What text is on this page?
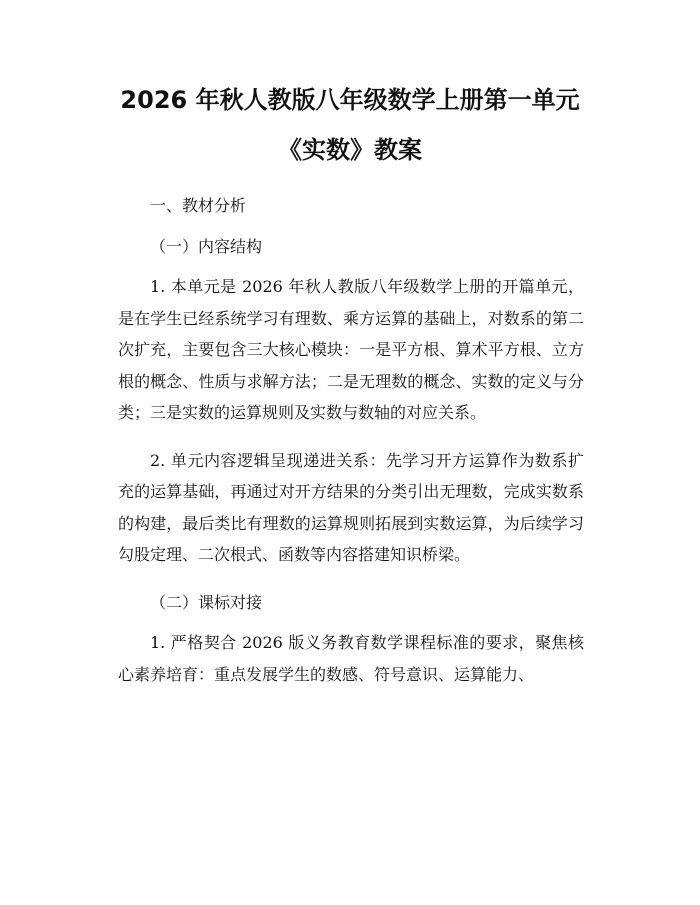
2026 年秋人教版八年级数学上册第一单元
《实数》教案

一、教材分析

（一）内容结构

1. 本单元是 2026 年秋人教版八年级数学上册的开篇单元，是在学生已经系统学习有理数、乘方运算的基础上，对数系的第二次扩充，主要包含三大核心模块：一是平方根、算术平方根、立方根的概念、性质与求解方法；二是无理数的概念、实数的定义与分类；三是实数的运算规则及实数与数轴的对应关系。

2. 单元内容逻辑呈现递进关系：先学习开方运算作为数系扩充的运算基础，再通过对开方结果的分类引出无理数，完成实数系的构建，最后类比有理数的运算规则拓展到实数运算，为后续学习勾股定理、二次根式、函数等内容搭建知识桥梁。

（二）课标对接

1. 严格契合 2026 版义务教育数学课程标准的要求，聚焦核心素养培育：重点发展学生的数感、符号意识、运算能力、
